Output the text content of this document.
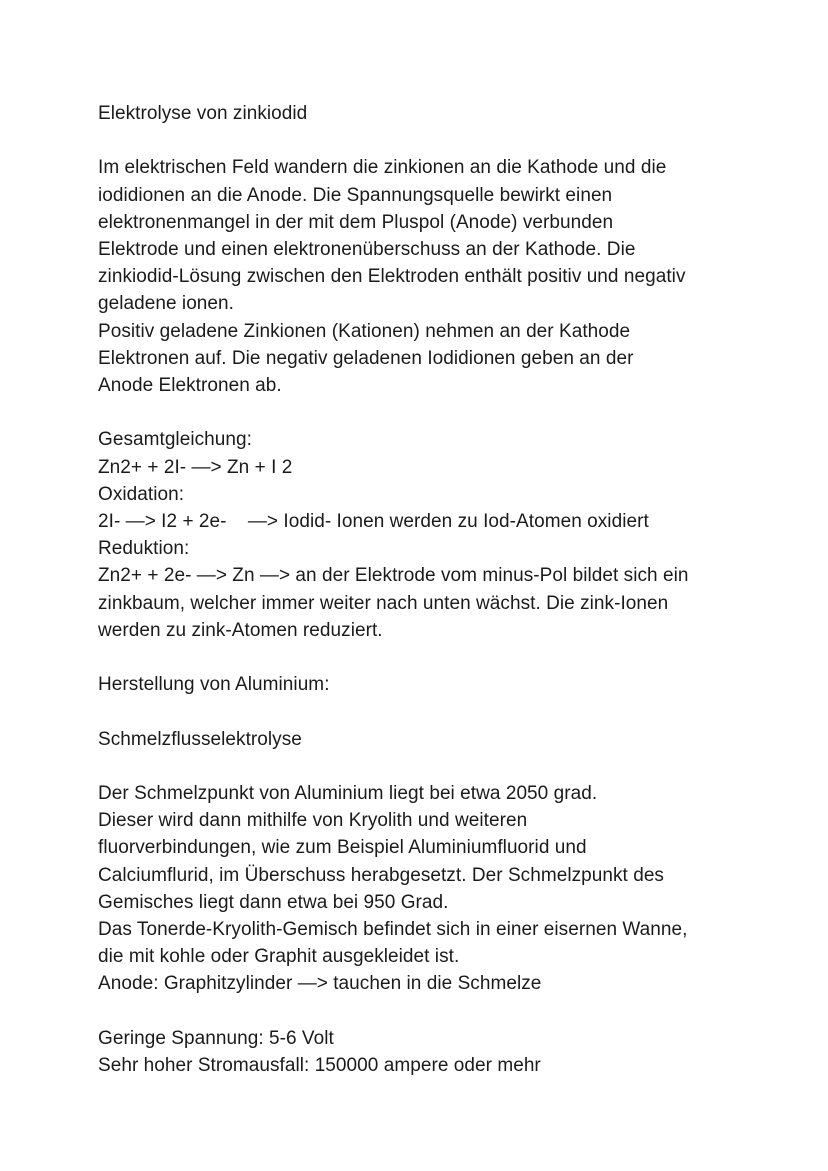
Elektrolyse von zinkiodid
Im elektrischen Feld wandern die zinkionen an die Kathode und die
iodidionen an die Anode. Die Spannungsquelle bewirkt einen
elektronenmangel in der mit dem Pluspol (Anode) verbunden
Elektrode und einen elektronenüberschuss an der Kathode. Die
zinkiodid-Lösung zwischen den Elektroden enthält positiv und negativ
geladene ionen.
Positiv geladene Zinkionen (Kationen) nehmen an der Kathode
Elektronen auf. Die negativ geladenen Iodidionen geben an der
Anode Elektronen ab.
Gesamtgleichung:
Zn2+ + 2I- —> Zn + I 2
Oxidation:
2I- —> I2 + 2e-    —> Iodid- Ionen werden zu Iod-Atomen oxidiert
Reduktion:
Zn2+ + 2e- —> Zn —> an der Elektrode vom minus-Pol bildet sich ein
zinkbaum, welcher immer weiter nach unten wächst. Die zink-Ionen
werden zu zink-Atomen reduziert.
Herstellung von Aluminium:
Schmelzflusselektrolyse
Der Schmelzpunkt von Aluminium liegt bei etwa 2050 grad.
Dieser wird dann mithilfe von Kryolith und weiteren
fluorverbindungen, wie zum Beispiel Aluminiumfluorid und
Calciumflurid, im Überschuss herabgesetzt. Der Schmelzpunkt des
Gemisches liegt dann etwa bei 950 Grad.
Das Tonerde-Kryolith-Gemisch befindet sich in einer eisernen Wanne,
die mit kohle oder Graphit ausgekleidet ist.
Anode: Graphitzylinder —> tauchen in die Schmelze
Geringe Spannung: 5-6 Volt
Sehr hoher Stromausfall: 150000 ampere oder mehr
